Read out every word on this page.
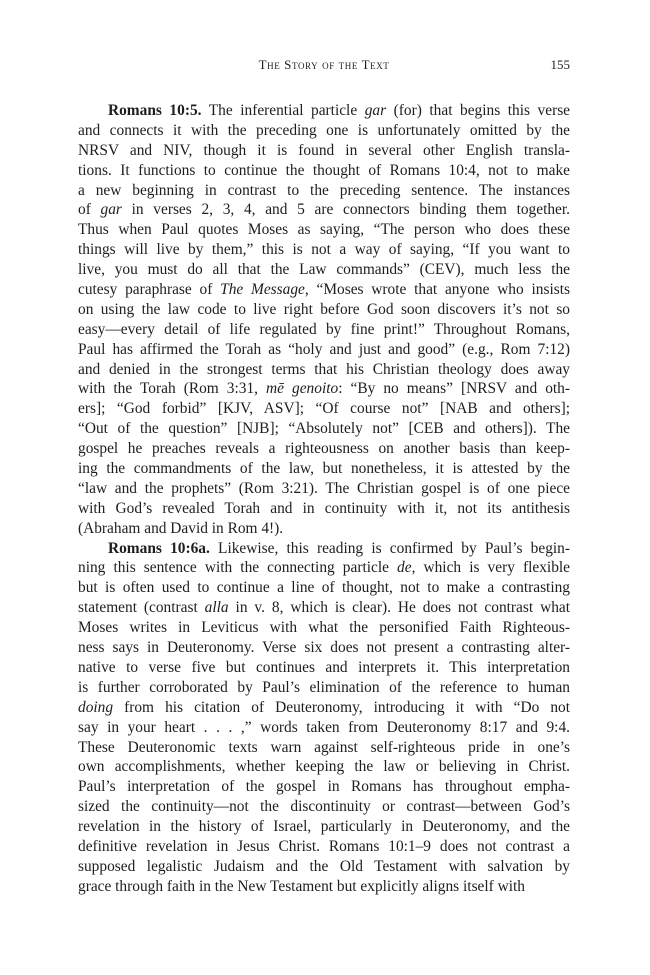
The Story of the Text	155
Romans 10:5. The inferential particle gar (for) that begins this verse
and connects it with the preceding one is unfortunately omitted by the
NRSV and NIV, though it is found in several other English transla-
tions. It functions to continue the thought of Romans 10:4, not to make
a new beginning in contrast to the preceding sentence. The instances
of gar in verses 2, 3, 4, and 5 are connectors binding them together.
Thus when Paul quotes Moses as saying, “The person who does these
things will live by them,” this is not a way of saying, “If you want to
live, you must do all that the Law commands” (CEV), much less the
cutesy paraphrase of The Message, “Moses wrote that anyone who insists
on using the law code to live right before God soon discovers it’s not so
easy—every detail of life regulated by fine print!” Throughout Romans,
Paul has affirmed the Torah as “holy and just and good” (e.g., Rom 7:12)
and denied in the strongest terms that his Christian theology does away
with the Torah (Rom 3:31, mē genoito: “By no means” [NRSV and oth-
ers]; “God forbid” [KJV, ASV]; “Of course not” [NAB and others];
“Out of the question” [NJB]; “Absolutely not” [CEB and others]). The
gospel he preaches reveals a righteousness on another basis than keep-
ing the commandments of the law, but nonetheless, it is attested by the
“law and the prophets” (Rom 3:21). The Christian gospel is of one piece
with God’s revealed Torah and in continuity with it, not its antithesis
(Abraham and David in Rom 4!).
Romans 10:6a. Likewise, this reading is confirmed by Paul’s begin-
ning this sentence with the connecting particle de, which is very flexible
but is often used to continue a line of thought, not to make a contrasting
statement (contrast alla in v. 8, which is clear). He does not contrast what
Moses writes in Leviticus with what the personified Faith Righteous-
ness says in Deuteronomy. Verse six does not present a contrasting alter-
native to verse five but continues and interprets it. This interpretation
is further corroborated by Paul’s elimination of the reference to human
doing from his citation of Deuteronomy, introducing it with “Do not
say in your heart . . . ,” words taken from Deuteronomy 8:17 and 9:4.
These Deuteronomic texts warn against self-righteous pride in one’s
own accomplishments, whether keeping the law or believing in Christ.
Paul’s interpretation of the gospel in Romans has throughout empha-
sized the continuity—not the discontinuity or contrast—between God’s
revelation in the history of Israel, particularly in Deuteronomy, and the
definitive revelation in Jesus Christ. Romans 10:1–9 does not contrast a
supposed legalistic Judaism and the Old Testament with salvation by
grace through faith in the New Testament but explicitly aligns itself with
